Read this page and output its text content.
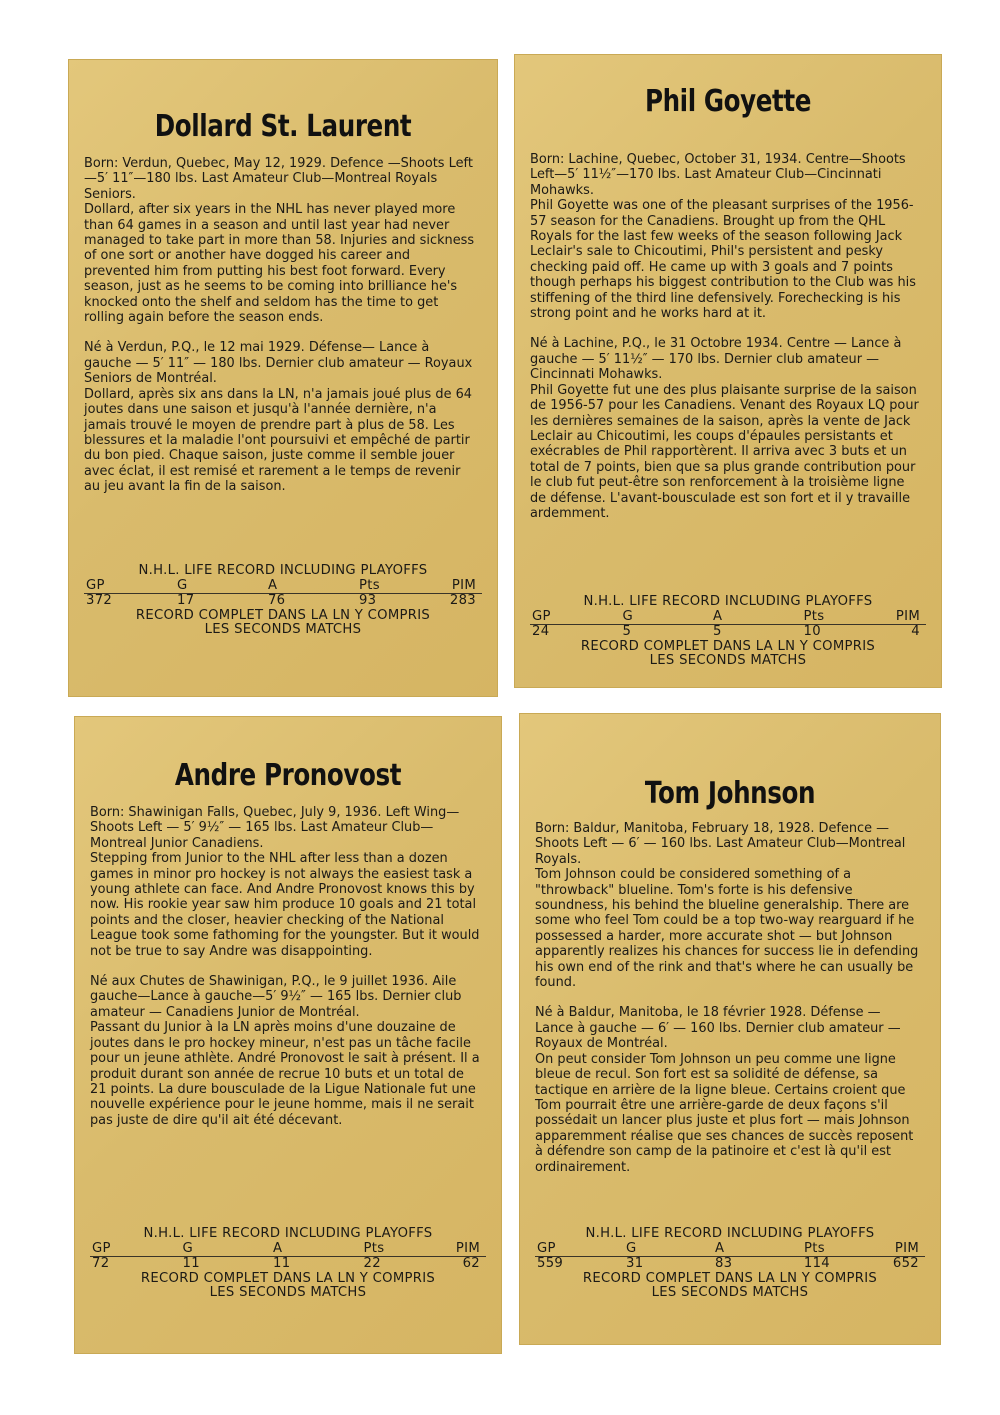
Dollard St. Laurent

Born: Verdun, Quebec, May 12, 1929. Defence —Shoots Left—5′ 11″—180 lbs. Last Amateur Club—Montreal Royals Seniors.

Dollard, after six years in the NHL has never played more than 64 games in a season and until last year had never managed to take part in more than 58. Injuries and sickness of one sort or another have dogged his career and prevented him from putting his best foot forward. Every season, just as he seems to be coming into brilliance he's knocked onto the shelf and seldom has the time to get rolling again before the season ends.

Né à Verdun, P.Q., le 12 mai 1929. Défense— Lance à gauche — 5′ 11″ — 180 lbs. Dernier club amateur — Royaux Seniors de Montréal.

Dollard, après six ans dans la LN, n'a jamais joué plus de 64 joutes dans une saison et jusqu'à l'année dernière, n'a jamais trouvé le moyen de prendre part à plus de 58. Les blessures et la maladie l'ont poursuivi et empêché de partir du bon pied. Chaque saison, juste comme il semble jouer avec éclat, il est remisé et rarement a le temps de revenir au jeu avant la fin de la saison.

N.H.L. LIFE RECORD INCLUDING PLAYOFFS
GP	G	A	Pts	PIM
372	17	76	93	283
RECORD COMPLET DANS LA LN Y COMPRIS
LES SECONDS MATCHS
Phil Goyette

Born: Lachine, Quebec, October 31, 1934. Centre—Shoots Left—5′ 11½″—170 lbs. Last Amateur Club—Cincinnati Mohawks.

Phil Goyette was one of the pleasant surprises of the 1956-57 season for the Canadiens. Brought up from the QHL Royals for the last few weeks of the season following Jack Leclair's sale to Chicoutimi, Phil's persistent and pesky checking paid off. He came up with 3 goals and 7 points though perhaps his biggest contribution to the Club was his stiffening of the third line defensively. Forechecking is his strong point and he works hard at it.

Né à Lachine, P.Q., le 31 Octobre 1934. Centre — Lance à gauche — 5′ 11½″ — 170 lbs. Dernier club amateur — Cincinnati Mohawks.

Phil Goyette fut une des plus plaisante surprise de la saison de 1956-57 pour les Canadiens. Venant des Royaux LQ pour les dernières semaines de la saison, après la vente de Jack Leclair au Chicoutimi, les coups d'épaules persistants et exécrables de Phil rapportèrent. Il arriva avec 3 buts et un total de 7 points, bien que sa plus grande contribution pour le club fut peut-être son renforcement à la troisième ligne de défense. L'avant-bousculade est son fort et il y travaille ardemment.

N.H.L. LIFE RECORD INCLUDING PLAYOFFS
GP	G	A	Pts	PIM
24	5	5	10	4
RECORD COMPLET DANS LA LN Y COMPRIS
LES SECONDS MATCHS
Andre Pronovost

Born: Shawinigan Falls, Quebec, July 9, 1936. Left Wing—Shoots Left — 5′ 9½″ — 165 lbs. Last Amateur Club—Montreal Junior Canadiens.

Stepping from Junior to the NHL after less than a dozen games in minor pro hockey is not always the easiest task a young athlete can face. And Andre Pronovost knows this by now. His rookie year saw him produce 10 goals and 21 total points and the closer, heavier checking of the National League took some fathoming for the youngster. But it would not be true to say Andre was disappointing.

Né aux Chutes de Shawinigan, P.Q., le 9 juillet 1936. Aile gauche—Lance à gauche—5′ 9½″ — 165 lbs. Dernier club amateur — Canadiens Junior de Montréal.

Passant du Junior à la LN après moins d'une douzaine de joutes dans le pro hockey mineur, n'est pas un tâche facile pour un jeune athlète. André Pronovost le sait à présent. Il a produit durant son année de recrue 10 buts et un total de 21 points. La dure bousculade de la Ligue Nationale fut une nouvelle expérience pour le jeune homme, mais il ne serait pas juste de dire qu'il ait été décevant.

N.H.L. LIFE RECORD INCLUDING PLAYOFFS
GP	G	A	Pts	PIM
72	11	11	22	62
RECORD COMPLET DANS LA LN Y COMPRIS
LES SECONDS MATCHS
Tom Johnson

Born: Baldur, Manitoba, February 18, 1928. Defence — Shoots Left — 6′ — 160 lbs. Last Amateur Club—Montreal Royals.

Tom Johnson could be considered something of a "throwback" blueline. Tom's forte is his defensive soundness, his behind the blueline generalship. There are some who feel Tom could be a top two-way rearguard if he possessed a harder, more accurate shot — but Johnson apparently realizes his chances for success lie in defending his own end of the rink and that's where he can usually be found.

Né à Baldur, Manitoba, le 18 février 1928. Défense — Lance à gauche — 6′ — 160 lbs. Dernier club amateur — Royaux de Montréal.

On peut consider Tom Johnson un peu comme une ligne bleue de recul. Son fort est sa solidité de défense, sa tactique en arrière de la ligne bleue. Certains croient que Tom pourrait être une arrière-garde de deux façons s'il possédait un lancer plus juste et plus fort — mais Johnson apparemment réalise que ses chances de succès reposent à défendre son camp de la patinoire et c'est là qu'il est ordinairement.

N.H.L. LIFE RECORD INCLUDING PLAYOFFS
GP	G	A	Pts	PIM
559	31	83	114	652
RECORD COMPLET DANS LA LN Y COMPRIS
LES SECONDS MATCHS
